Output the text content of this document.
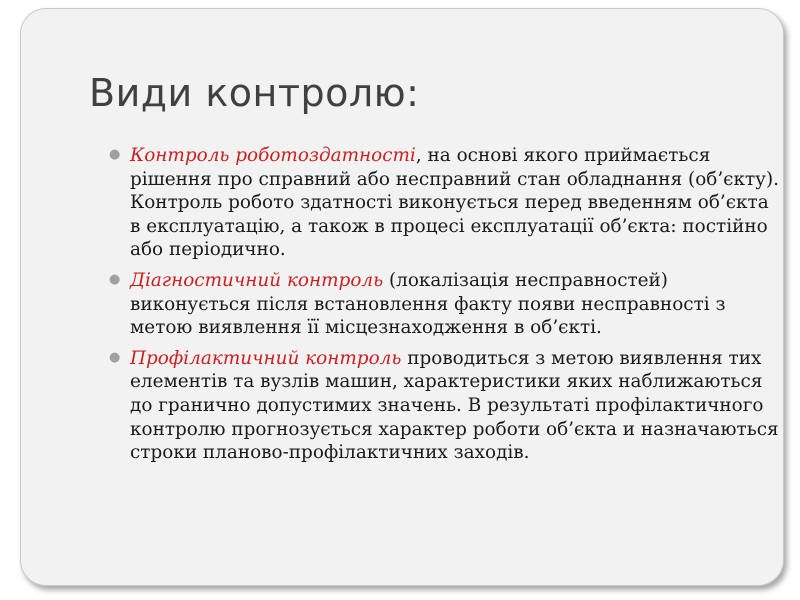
Види контролю:
● Контроль роботоздатності, на основі якого приймається рішення про справний або несправний стан обладнання (об’єкту). Контроль робото здатності виконується перед введенням об’єкта в експлуатацію, а також в процесі експлуатації об’єкта: постійно або періодично.
● Діагностичний контроль (локалізація несправностей) виконується після встановлення факту появи несправності з метою виявлення її місцезнаходження в об’єкті.
● Профілактичний контроль проводиться з метою виявлення тих елементів та вузлів машин, характеристики яких наближаються до гранично допустимих значень. В результаті профілактичного контролю прогнозується характер роботи об’єкта и назначаються строки планово-профілактичних заходів.
